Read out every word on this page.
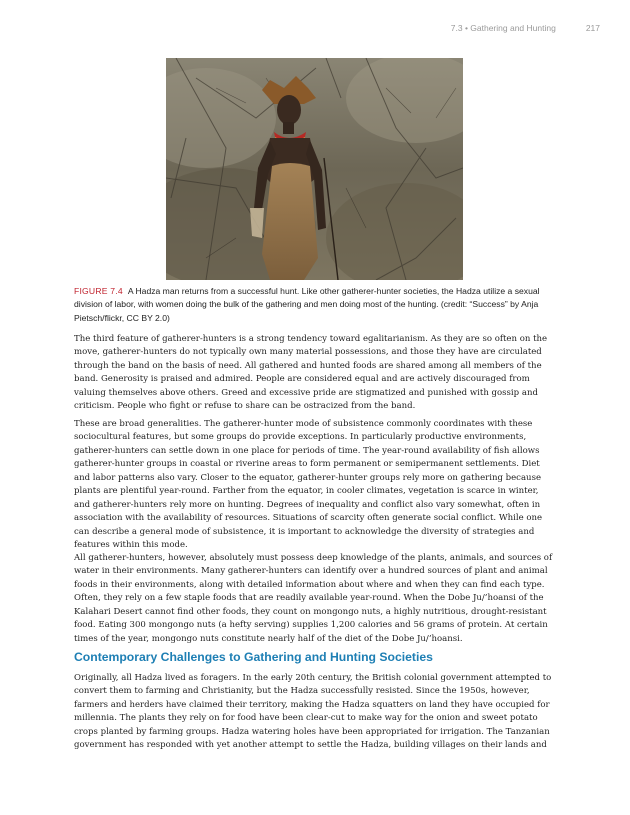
7.3 • Gathering and Hunting	217
FIGURE 7.4 A Hadza man returns from a successful hunt. Like other gatherer-hunter societies, the Hadza utilize a sexual division of labor, with women doing the bulk of the gathering and men doing most of the hunting. (credit: “Success” by Anja Pietsch/flickr, CC BY 2.0)

The third feature of gatherer-hunters is a strong tendency toward egalitarianism. As they are so often on the move, gatherer-hunters do not typically own many material possessions, and those they have are circulated through the band on the basis of need. All gathered and hunted foods are shared among all members of the band. Generosity is praised and admired. People are considered equal and are actively discouraged from valuing themselves above others. Greed and excessive pride are stigmatized and punished with gossip and criticism. People who fight or refuse to share can be ostracized from the band.

These are broad generalities. The gatherer-hunter mode of subsistence commonly coordinates with these sociocultural features, but some groups do provide exceptions. In particularly productive environments, gatherer-hunters can settle down in one place for periods of time. The year-round availability of fish allows gatherer-hunter groups in coastal or riverine areas to form permanent or semipermanent settlements. Diet and labor patterns also vary. Closer to the equator, gatherer-hunter groups rely more on gathering because plants are plentiful year-round. Farther from the equator, in cooler climates, vegetation is scarce in winter, and gatherer-hunters rely more on hunting. Degrees of inequality and conflict also vary somewhat, often in association with the availability of resources. Situations of scarcity often generate social conflict. While one can describe a general mode of subsistence, it is important to acknowledge the diversity of strategies and features within this mode.

All gatherer-hunters, however, absolutely must possess deep knowledge of the plants, animals, and sources of water in their environments. Many gatherer-hunters can identify over a hundred sources of plant and animal foods in their environments, along with detailed information about where and when they can find each type. Often, they rely on a few staple foods that are readily available year-round. When the Dobe Ju/’hoansi of the Kalahari Desert cannot find other foods, they count on mongongo nuts, a highly nutritious, drought-resistant food. Eating 300 mongongo nuts (a hefty serving) supplies 1,200 calories and 56 grams of protein. At certain times of the year, mongongo nuts constitute nearly half of the diet of the Dobe Ju/’hoansi.

Contemporary Challenges to Gathering and Hunting Societies

Originally, all Hadza lived as foragers. In the early 20th century, the British colonial government attempted to convert them to farming and Christianity, but the Hadza successfully resisted. Since the 1950s, however, farmers and herders have claimed their territory, making the Hadza squatters on land they have occupied for millennia. The plants they rely on for food have been clear-cut to make way for the onion and sweet potato crops planted by farming groups. Hadza watering holes have been appropriated for irrigation. The Tanzanian government has responded with yet another attempt to settle the Hadza, building villages on their lands and
